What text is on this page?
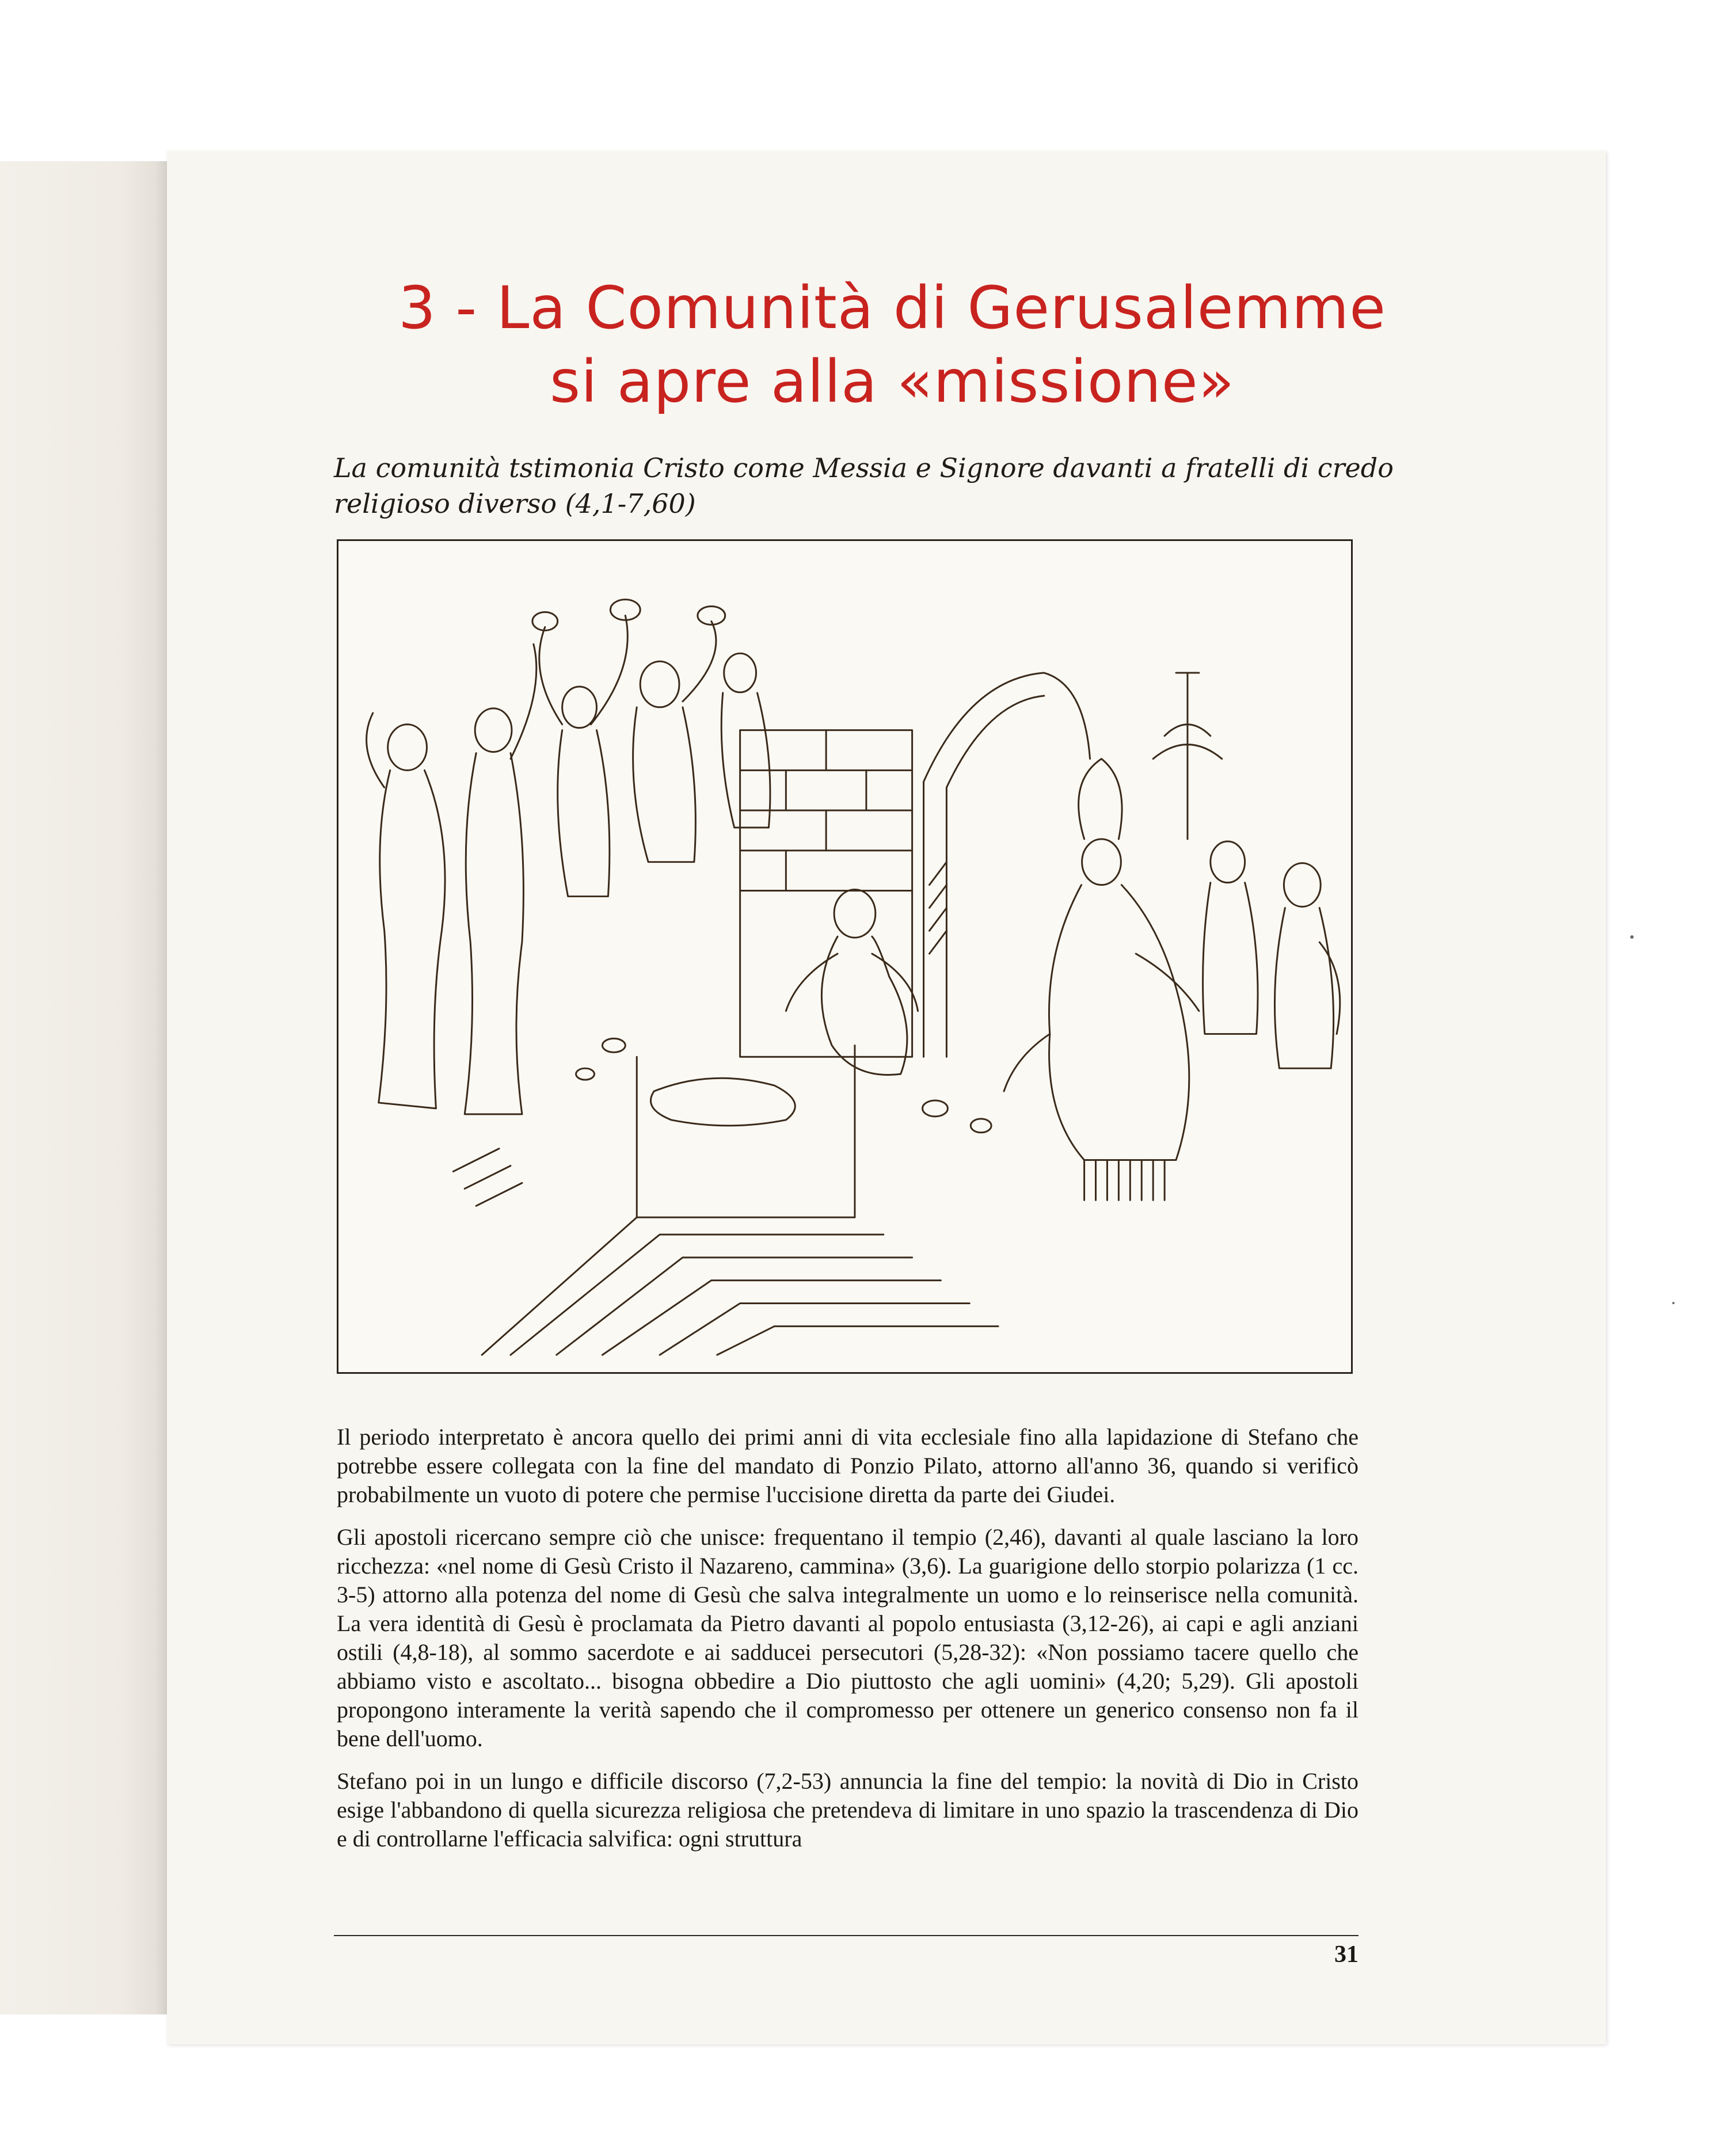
3 - La Comunità di Gerusalemme
si apre alla «missione»
La comunità tstimonia Cristo come Messia e Signore davanti a fratelli di credo religioso diverso (4,1-7,60)

Il periodo interpretato è ancora quello dei primi anni di vita ecclesiale fino alla lapidazione di Stefano che potrebbe essere collegata con la fine del mandato di Ponzio Pilato, attorno all'anno 36, quando si verificò probabilmente un vuoto di potere che permise l'uccisione diretta da parte dei Giudei.

Gli apostoli ricercano sempre ciò che unisce: frequentano il tempio (2,46), davanti al quale lasciano la loro ricchezza: «nel nome di Gesù Cristo il Nazareno, cammina» (3,6). La guarigione dello storpio polarizza (1 cc. 3-5) attorno alla potenza del nome di Gesù che salva integralmente un uomo e lo reinserisce nella comunità. La vera identità di Gesù è proclamata da Pietro davanti al popolo entusiasta (3,12-26), ai capi e agli anziani ostili (4,8-18), al sommo sacerdote e ai sadducei persecutori (5,28-32): «Non possiamo tacere quello che abbiamo visto e ascoltato... bisogna obbedire a Dio piuttosto che agli uomini» (4,20; 5,29). Gli apostoli propongono interamente la verità sapendo che il compromesso per ottenere un generico consenso non fa il bene dell'uomo.

Stefano poi in un lungo e difficile discorso (7,2-53) annuncia la fine del tempio: la novità di Dio in Cristo esige l'abbandono di quella sicurezza religiosa che pretendeva di limitare in uno spazio la trascendenza di Dio e di controllarne l'efficacia salvifica: ogni struttura

31
